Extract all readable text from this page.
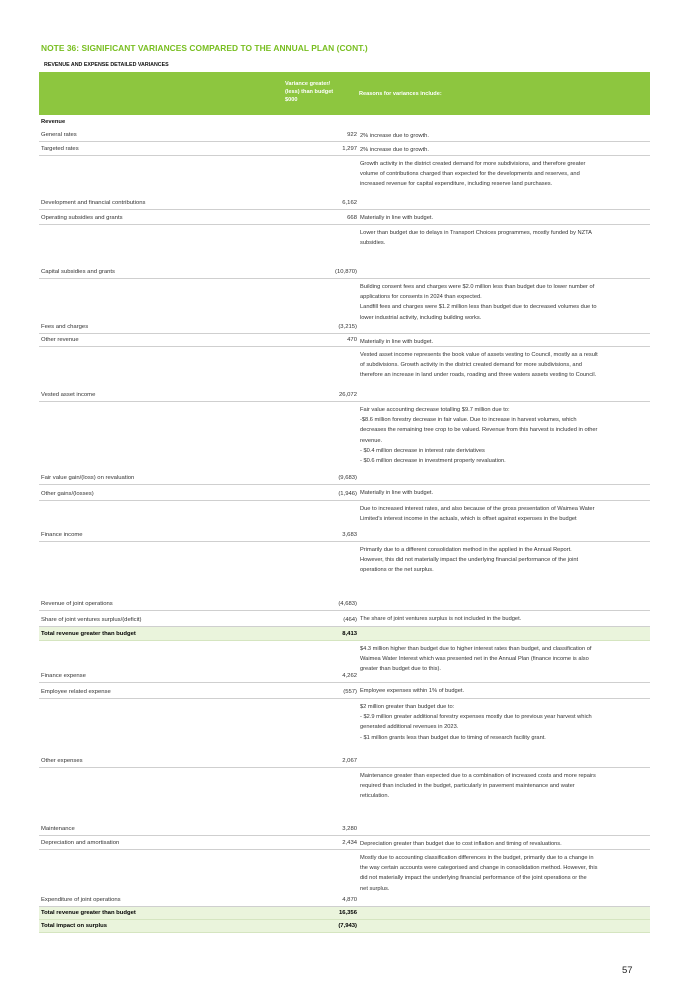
NOTE 36: SIGNIFICANT VARIANCES COMPARED TO THE ANNUAL PLAN (CONT.)
REVENUE AND EXPENSE DETAILED VARIANCES
Variance greater/
(less) than budget
$000
Reasons for variances include:
Revenue
General rates	922 2% increase due to growth.
Targeted rates	1,297 2% increase due to growth.
Development and financial contributions	6,162
Growth activity in the district created demand for more subdivisions, and therefore greater
volume of contributions charged than expected for the developments and reserves, and
increased revenue for capital expenditure, including reserve land purchases.
Operating subsidies and grants	668 Materially in line with budget.
Capital subsidies and grants	(10,870)
Lower than budget due to delays in Transport Choices programmes, mostly funded by NZTA
subsidies.
Fees and charges	(3,215)
Building consent fees and charges were $2.0 million less than budget due to lower number of
applications for consents in 2024 than expected.
Landfill fees and charges were $1.2 million less than budget due to decreased volumes due to
lower industrial activity, including building works.
Other revenue	470 Materially in line with budget.
Vested asset income	26,072
Vested asset income represents the book value of assets vesting to Council, mostly as a result
of subdivisions. Growth activity in the district created demand for more subdivisions, and
therefore an increase in land under roads, roading and three waters assets vesting to Council.
Fair value gain/(loss) on revaluation	(9,683)
Fair value accounting decrease totalling $9.7 million due to:
-$8.6 million forestry decrease in fair value. Due to increase in harvest volumes, which
decreases the remaining tree crop to be valued. Revenue from this harvest is included in other
revenue.
- $0.4 million decrease in interest rate deriviatives
- $0.6 million decrease in investment property revaluation.
Other gains/(losses)	(1,946) Materially in line with budget.
Finance income	3,683
Due to increased interest rates, and also because of the gross presentation of Waimea Water
Limited's interest income in the actuals, which is offset against expenses in the budget
Revenue of joint operations	(4,683)
Primarily due to a different consolidation method in the applied in the Annual Report.
However, this did not materially impact the underlying financial performance of the joint
operations or the net surplus.
Share of joint ventures surplus/(deficit)	(464) The share of joint ventures surplus is not included in the budget.
Total revenue greater than budget	8,413
Finance expense	4,262
$4.3 million higher than budget due to higher interest rates than budget, and classification of
Waimea Water Interest which was presented net in the Annual Plan (finance income is also
greater than budget due to this).
Employee related expense	(557) Employee expenses within 1% of budget.
Other expenses	2,067
$2 million greater than budget due to:
- $2.9 million greater additional forestry expenses mostly due to previous year harvest which
generated additional revenues in 2023.
- $1 million grants less than budget due to timing of research facility grant.
Maintenance	3,280
Maintenance greater than expected due to a combination of increased costs and more repairs
required than included in the budget, particularly in pavement maintenance and water
reticulation.
Depreciation and amortisation	2,434 Depreciation greater than budget due to cost inflation and timing of revaluations.
Expenditure of joint operations	4,870
Mostly due to accounting classification differences in the budget, primarily due to a change in
the way certain accounts were categorised and change in consolidation method. However, this
did not materially impact the underlying financial performance of the joint operations or the
net surplus.
Total revenue greater than budget	16,356
Total impact on surplus	(7,943)
57
